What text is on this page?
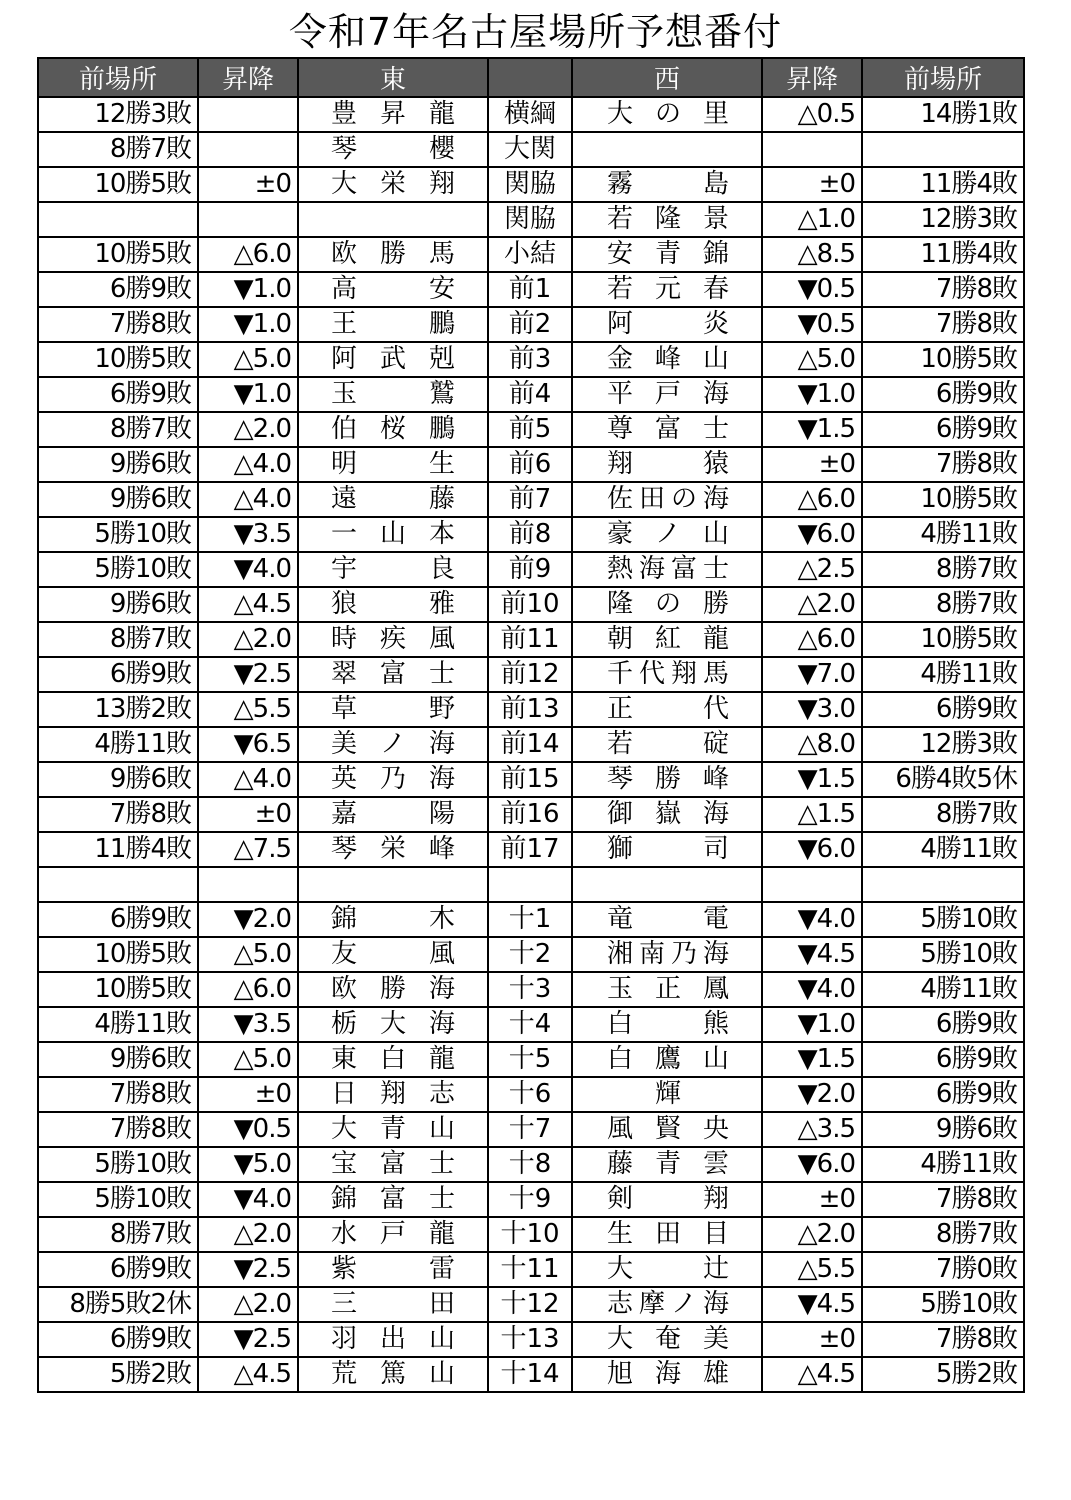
令和7年名古屋場所予想番付
前場所	昇降	東		西	昇降	前場所
12勝3敗		豊昇龍	横綱	大の里	△0.5	14勝1敗
8勝7敗		琴櫻	大関			
10勝5敗	±0	大栄翔	関脇	霧島	±0	11勝4敗
			関脇	若隆景	△1.0	12勝3敗
10勝5敗	△6.0	欧勝馬	小結	安青錦	△8.5	11勝4敗
6勝9敗	▼1.0	高安	前1	若元春	▼0.5	7勝8敗
7勝8敗	▼1.0	王鵬	前2	阿炎	▼0.5	7勝8敗
10勝5敗	△5.0	阿武剋	前3	金峰山	△5.0	10勝5敗
6勝9敗	▼1.0	玉鷲	前4	平戸海	▼1.0	6勝9敗
8勝7敗	△2.0	伯桜鵬	前5	尊富士	▼1.5	6勝9敗
9勝6敗	△4.0	明生	前6	翔猿	±0	7勝8敗
9勝6敗	△4.0	遠藤	前7	佐田の海	△6.0	10勝5敗
5勝10敗	▼3.5	一山本	前8	豪ノ山	▼6.0	4勝11敗
5勝10敗	▼4.0	宇良	前9	熱海富士	△2.5	8勝7敗
9勝6敗	△4.5	狼雅	前10	隆の勝	△2.0	8勝7敗
8勝7敗	△2.0	時疾風	前11	朝紅龍	△6.0	10勝5敗
6勝9敗	▼2.5	翠富士	前12	千代翔馬	▼7.0	4勝11敗
13勝2敗	△5.5	草野	前13	正代	▼3.0	6勝9敗
4勝11敗	▼6.5	美ノ海	前14	若碇	△8.0	12勝3敗
9勝6敗	△4.0	英乃海	前15	琴勝峰	▼1.5	6勝4敗5休
7勝8敗	±0	嘉陽	前16	御嶽海	△1.5	8勝7敗
11勝4敗	△7.5	琴栄峰	前17	獅司	▼6.0	4勝11敗

6勝9敗	▼2.0	錦木	十1	竜電	▼4.0	5勝10敗
10勝5敗	△5.0	友風	十2	湘南乃海	▼4.5	5勝10敗
10勝5敗	△6.0	欧勝海	十3	玉正鳳	▼4.0	4勝11敗
4勝11敗	▼3.5	栃大海	十4	白熊	▼1.0	6勝9敗
9勝6敗	△5.0	東白龍	十5	白鷹山	▼1.5	6勝9敗
7勝8敗	±0	日翔志	十6	輝	▼2.0	6勝9敗
7勝8敗	▼0.5	大青山	十7	風賢央	△3.5	9勝6敗
5勝10敗	▼5.0	宝富士	十8	藤青雲	▼6.0	4勝11敗
5勝10敗	▼4.0	錦富士	十9	剣翔	±0	7勝8敗
8勝7敗	△2.0	水戸龍	十10	生田目	△2.0	8勝7敗
6勝9敗	▼2.5	紫雷	十11	大辻	△5.5	7勝0敗
8勝5敗2休	△2.0	三田	十12	志摩ノ海	▼4.5	5勝10敗
6勝9敗	▼2.5	羽出山	十13	大奄美	±0	7勝8敗
5勝2敗	△4.5	荒篤山	十14	旭海雄	△4.5	5勝2敗
